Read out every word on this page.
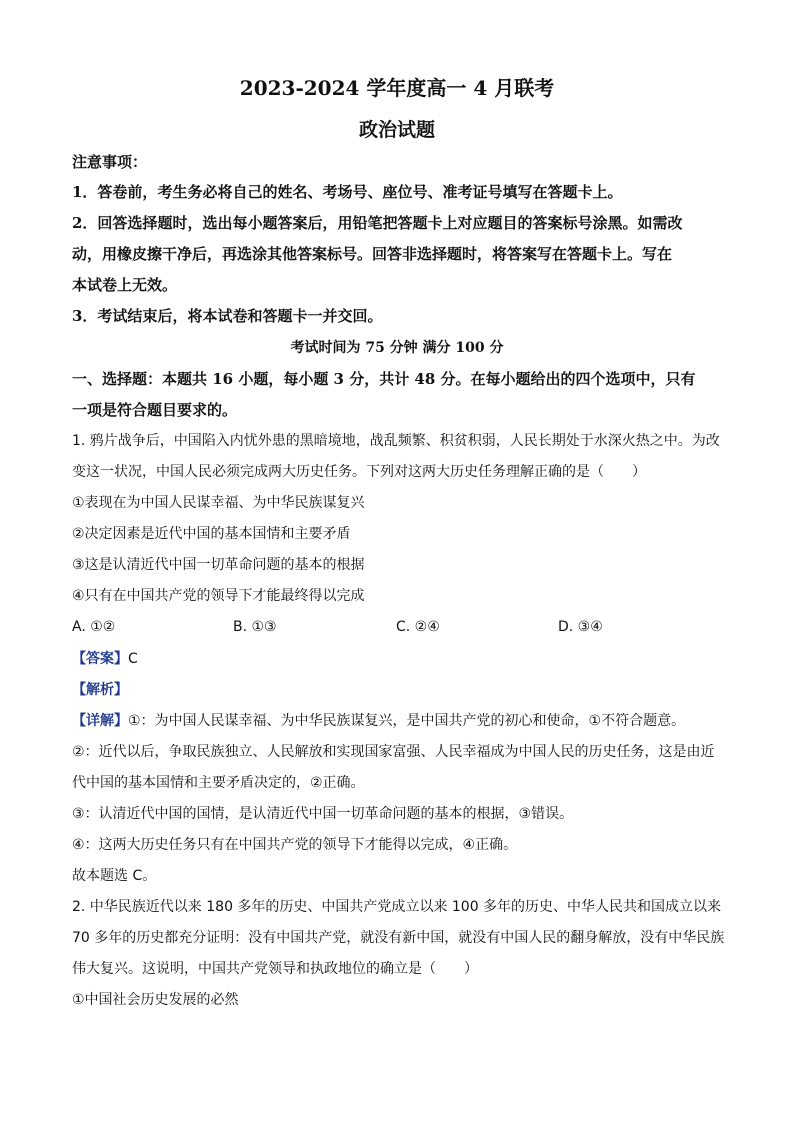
2023-2024 学年度高一 4 月联考
政治试题
注意事项：
1．答卷前，考生务必将自己的姓名、考场号、座位号、准考证号填写在答题卡上。
2．回答选择题时，选出每小题答案后，用铅笔把答题卡上对应题目的答案标号涂黑。如需改
动，用橡皮擦干净后，再选涂其他答案标号。回答非选择题时，将答案写在答题卡上。写在
本试卷上无效。
3．考试结束后，将本试卷和答题卡一并交回。
考试时间为 75 分钟 满分 100 分
一、选择题：本题共 16 小题，每小题 3 分，共计 48 分。在每小题给出的四个选项中，只有
一项是符合题目要求的。
1. 鸦片战争后，中国陷入内忧外患的黑暗境地，战乱频繁、积贫积弱，人民长期处于水深火热之中。为改
变这一状况，中国人民必须完成两大历史任务。下列对这两大历史任务理解正确的是（　　）
①表现在为中国人民谋幸福、为中华民族谋复兴
②决定因素是近代中国的基本国情和主要矛盾
③这是认清近代中国一切革命问题的基本的根据
④只有在中国共产党的领导下才能最终得以完成
A. ①②	B. ①③	C. ②④	D. ③④
【答案】C
【解析】
【详解】①：为中国人民谋幸福、为中华民族谋复兴，是中国共产党的初心和使命，①不符合题意。
②：近代以后，争取民族独立、人民解放和实现国家富强、人民幸福成为中国人民的历史任务，这是由近
代中国的基本国情和主要矛盾决定的，②正确。
③：认清近代中国的国情，是认清近代中国一切革命问题的基本的根据，③错误。
④：这两大历史任务只有在中国共产党的领导下才能得以完成，④正确。
故本题选 C。
2. 中华民族近代以来 180 多年的历史、中国共产党成立以来 100 多年的历史、中华人民共和国成立以来
70 多年的历史都充分证明：没有中国共产党，就没有新中国，就没有中国人民的翻身解放，没有中华民族
伟大复兴。这说明，中国共产党领导和执政地位的确立是（　　）
①中国社会历史发展的必然
